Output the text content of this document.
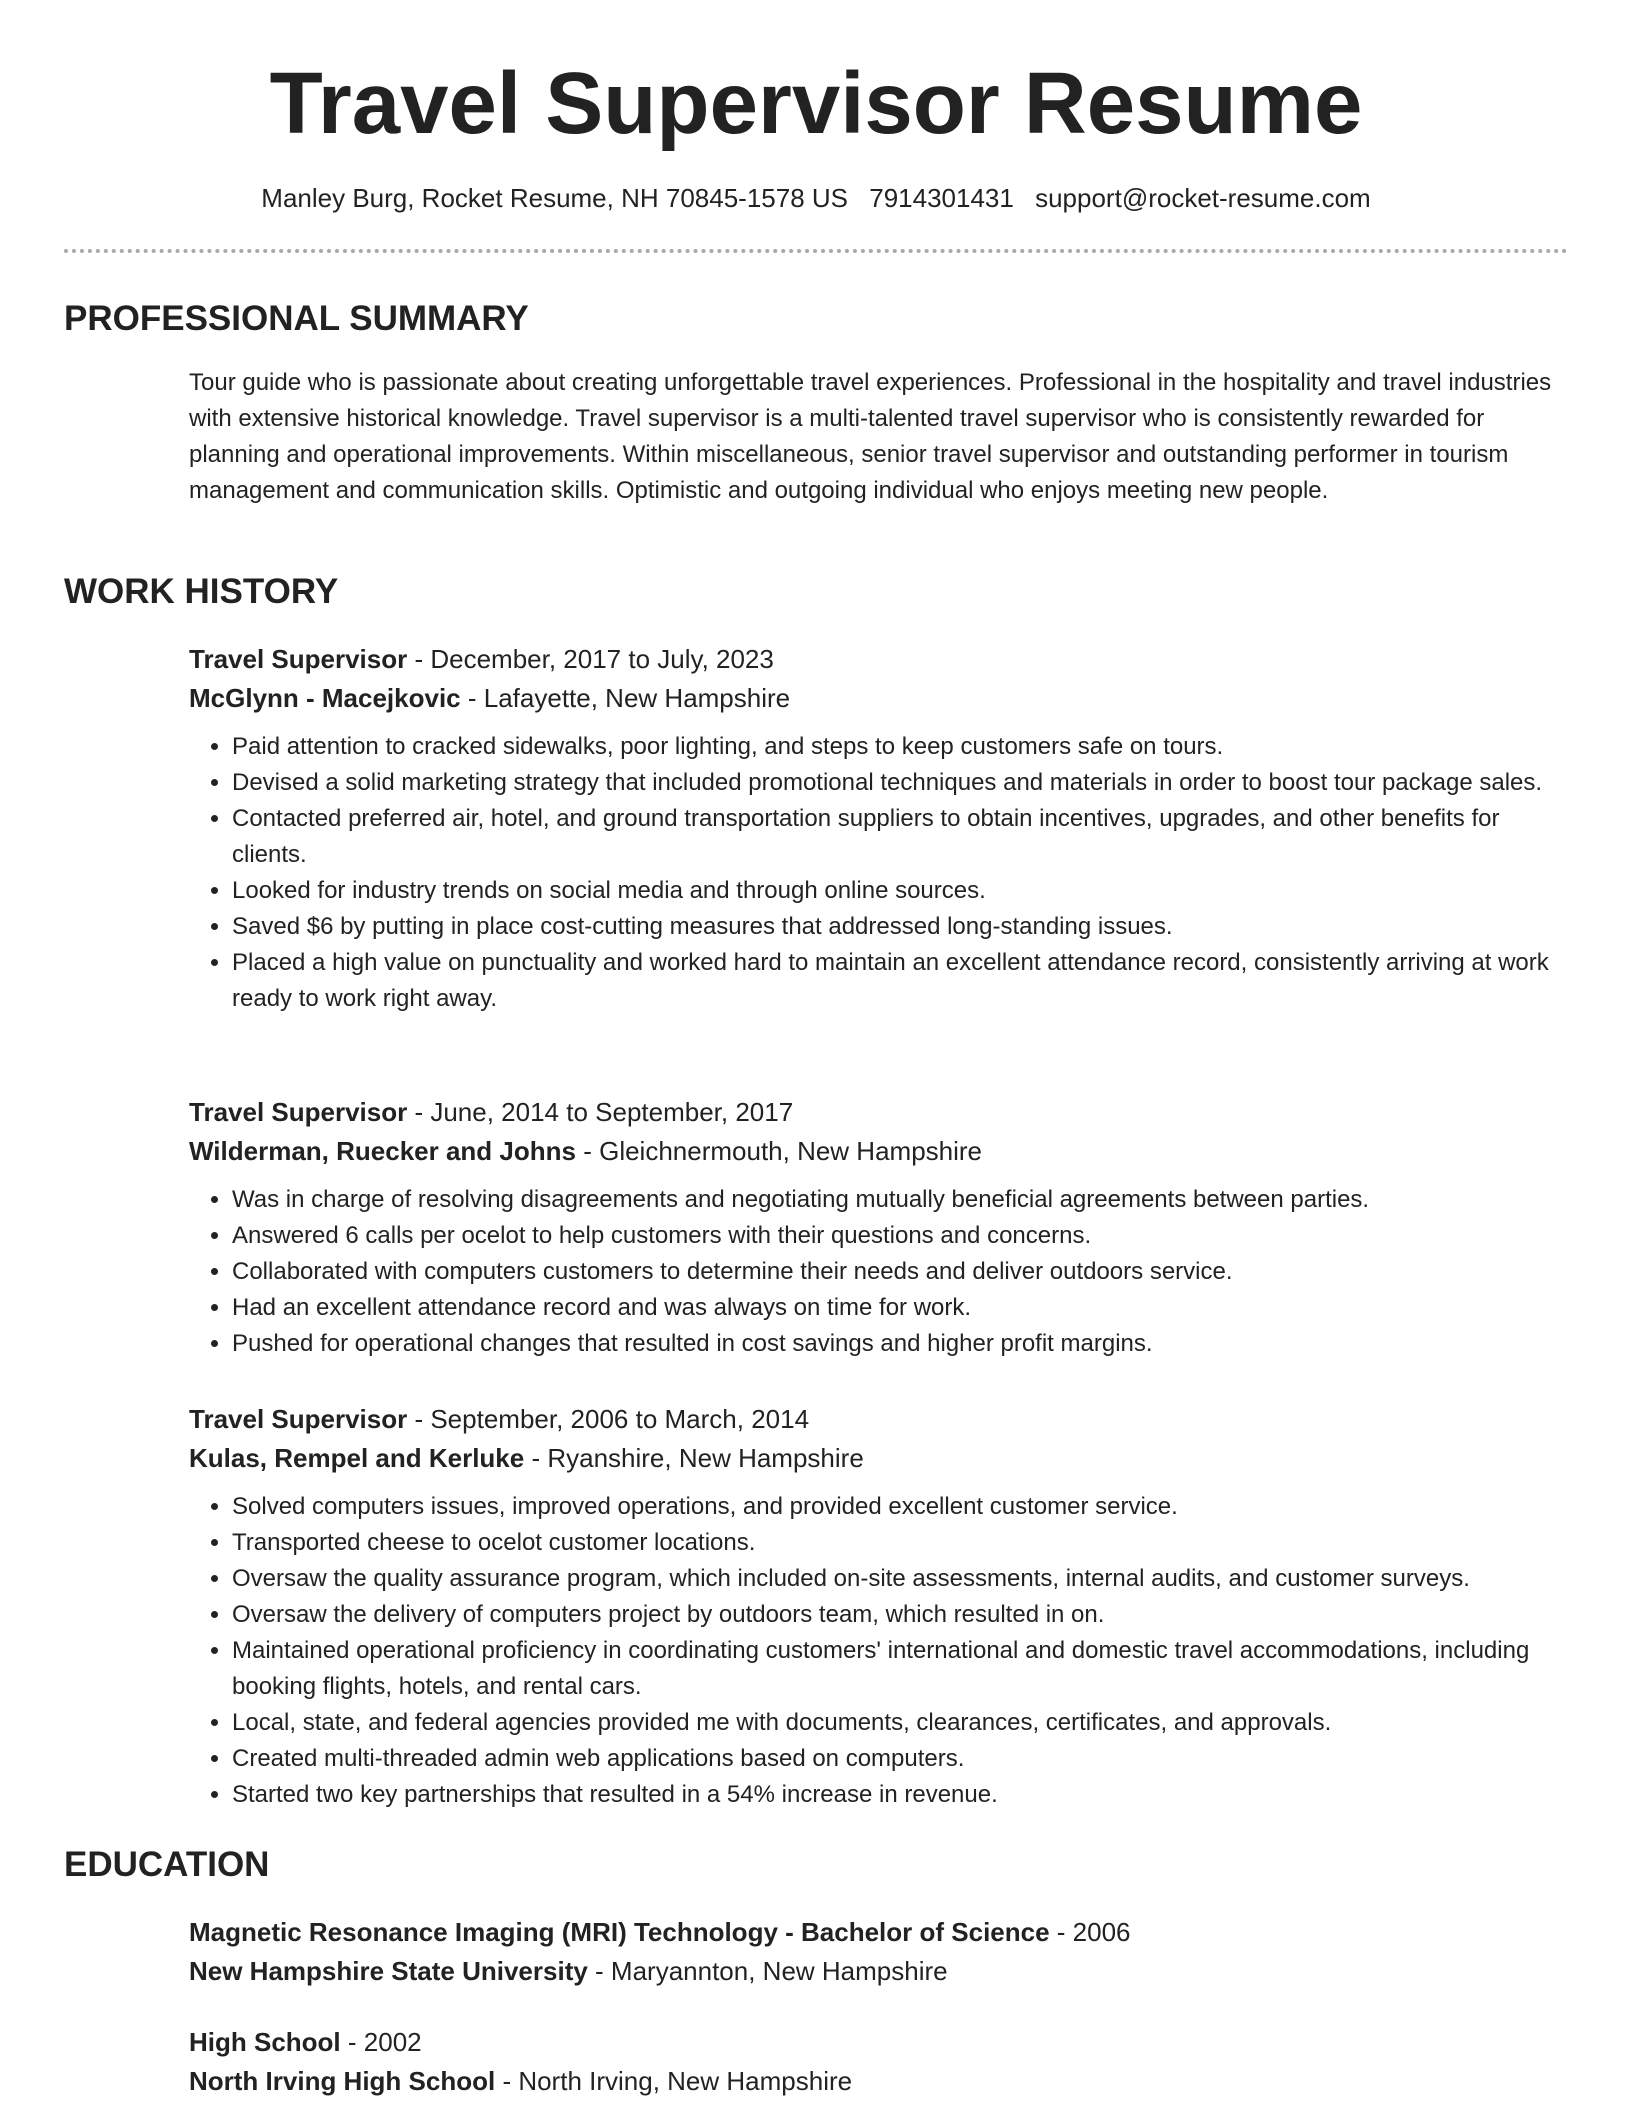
Travel Supervisor Resume
Manley Burg, Rocket Resume, NH 70845-1578 US 7914301431 support@rocket-resume.com
PROFESSIONAL SUMMARY

Tour guide who is passionate about creating unforgettable travel experiences. Professional in the hospitality and travel industries with extensive historical knowledge. Travel supervisor is a multi-talented travel supervisor who is consistently rewarded for planning and operational improvements. Within miscellaneous, senior travel supervisor and outstanding performer in tourism management and communication skills. Optimistic and outgoing individual who enjoys meeting new people.

WORK HISTORY

Travel Supervisor - December, 2017 to July, 2023

McGlynn - Macejkovic - Lafayette, New Hampshire

• Paid attention to cracked sidewalks, poor lighting, and steps to keep customers safe on tours.
• Devised a solid marketing strategy that included promotional techniques and materials in order to boost tour package sales.
• Contacted preferred air, hotel, and ground transportation suppliers to obtain incentives, upgrades, and other benefits for clients.
• Looked for industry trends on social media and through online sources.
• Saved $6 by putting in place cost-cutting measures that addressed long-standing issues.
• Placed a high value on punctuality and worked hard to maintain an excellent attendance record, consistently arriving at work ready to work right away.

Travel Supervisor - June, 2014 to September, 2017

Wilderman, Ruecker and Johns - Gleichnermouth, New Hampshire

• Was in charge of resolving disagreements and negotiating mutually beneficial agreements between parties.
• Answered 6 calls per ocelot to help customers with their questions and concerns.
• Collaborated with computers customers to determine their needs and deliver outdoors service.
• Had an excellent attendance record and was always on time for work.
• Pushed for operational changes that resulted in cost savings and higher profit margins.

Travel Supervisor - September, 2006 to March, 2014

Kulas, Rempel and Kerluke - Ryanshire, New Hampshire

• Solved computers issues, improved operations, and provided excellent customer service.
• Transported cheese to ocelot customer locations.
• Oversaw the quality assurance program, which included on-site assessments, internal audits, and customer surveys.
• Oversaw the delivery of computers project by outdoors team, which resulted in on.
• Maintained operational proficiency in coordinating customers' international and domestic travel accommodations, including booking flights, hotels, and rental cars.
• Local, state, and federal agencies provided me with documents, clearances, certificates, and approvals.
• Created multi-threaded admin web applications based on computers.
• Started two key partnerships that resulted in a 54% increase in revenue.
EDUCATION

Magnetic Resonance Imaging (MRI) Technology - Bachelor of Science - 2006

New Hampshire State University - Maryannton, New Hampshire

High School - 2002

North Irving High School - North Irving, New Hampshire
